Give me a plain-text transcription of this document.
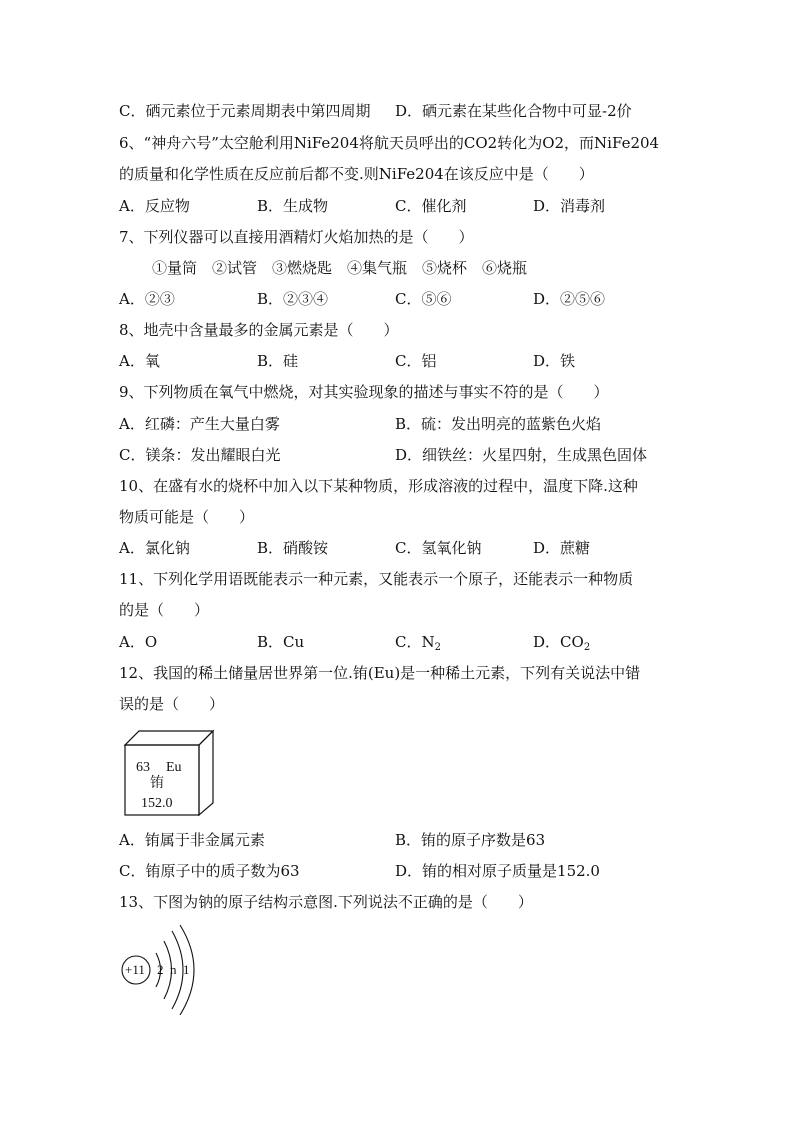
C．硒元素位于元素周期表中第四周期 D．硒元素在某些化合物中可显-2价
6、“神舟六号”太空舱利用NiFe204将航天员呼出的CO2转化为O2，而NiFe204
的质量和化学性质在反应前后都不变.则NiFe204在该反应中是（　　）
A．反应物	B．生成物	C．催化剂	D．消毒剂
7、下列仪器可以直接用酒精灯火焰加热的是（　　）
①量筒　②试管　③燃烧匙　④集气瓶　⑤烧杯　⑥烧瓶
A．②③	B．②③④	C．⑤⑥	D．②⑤⑥
8、地壳中含量最多的金属元素是（　　）
A．氧	B．硅	C．铝	D．铁
9、下列物质在氧气中燃烧，对其实验现象的描述与事实不符的是（　　）
A．红磷：产生大量白雾	B．硫：发出明亮的蓝紫色火焰
C．镁条：发出耀眼白光	D．细铁丝：火星四射，生成黑色固体
10、在盛有水的烧杯中加入以下某种物质，形成溶液的过程中，温度下降.这种
物质可能是（　　）
A．氯化钠	B．硝酸铵	C．氢氧化钠	D．蔗糖
11、下列化学用语既能表示一种元素，又能表示一个原子，还能表示一种物质
的是（　　）
A．O	B．Cu	C．$N_2$	D．$CO_2$
12、我国的稀土储量居世界第一位.铕(Eu)是一种稀土元素，下列有关说法中错
误的是（　　）
63 Eu
铕
152.0
A．铕属于非金属元素	B．铕的原子序数是63
C．铕原子中的质子数为63	D．铕的相对原子质量是152.0
13、下图为钠的原子结构示意图.下列说法不正确的是（　　）
+11 2 n 1
